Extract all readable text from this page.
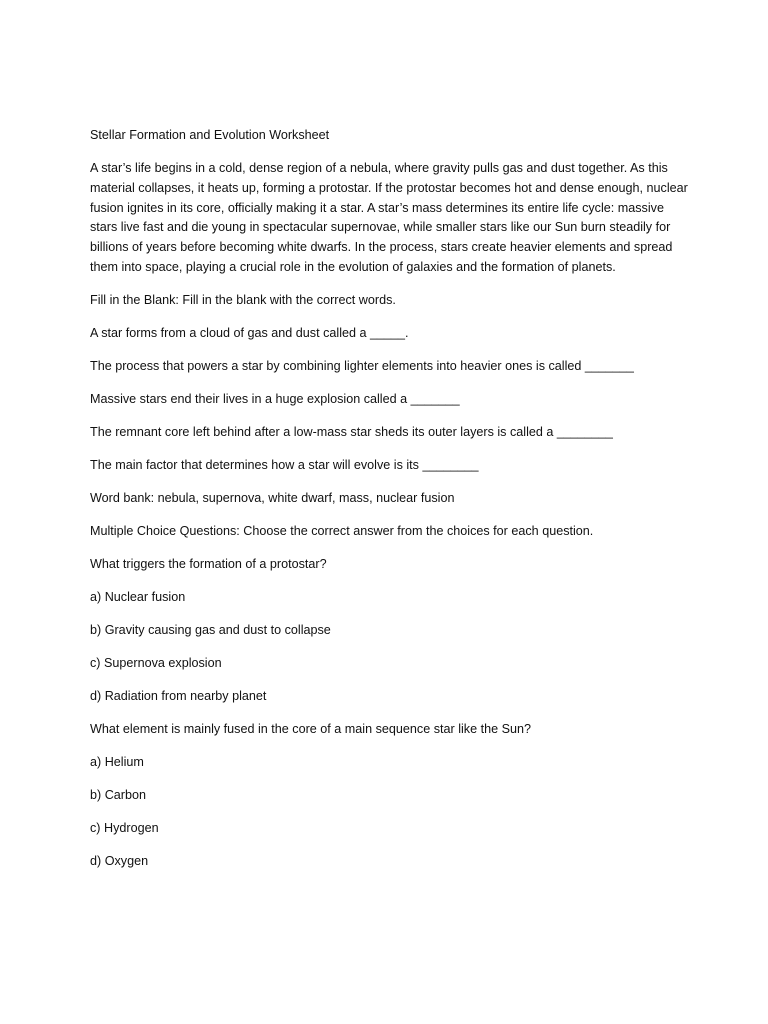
Stellar Formation and Evolution Worksheet

A star’s life begins in a cold, dense region of a nebula, where gravity pulls gas and dust together. As this material collapses, it heats up, forming a protostar. If the protostar becomes hot and dense enough, nuclear fusion ignites in its core, officially making it a star. A star’s mass determines its entire life cycle: massive stars live fast and die young in spectacular supernovae, while smaller stars like our Sun burn steadily for billions of years before becoming white dwarfs. In the process, stars create heavier elements and spread them into space, playing a crucial role in the evolution of galaxies and the formation of planets.

Fill in the Blank: Fill in the blank with the correct words.

A star forms from a cloud of gas and dust called a _____.

The process that powers a star by combining lighter elements into heavier ones is called _______

Massive stars end their lives in a huge explosion called a _______

The remnant core left behind after a low-mass star sheds its outer layers is called a ________

The main factor that determines how a star will evolve is its ________

Word bank: nebula, supernova, white dwarf, mass, nuclear fusion

Multiple Choice Questions: Choose the correct answer from the choices for each question.

What triggers the formation of a protostar?

a) Nuclear fusion

b) Gravity causing gas and dust to collapse

c) Supernova explosion

d) Radiation from nearby planet

What element is mainly fused in the core of a main sequence star like the Sun?

a) Helium

b) Carbon

c) Hydrogen

d) Oxygen
